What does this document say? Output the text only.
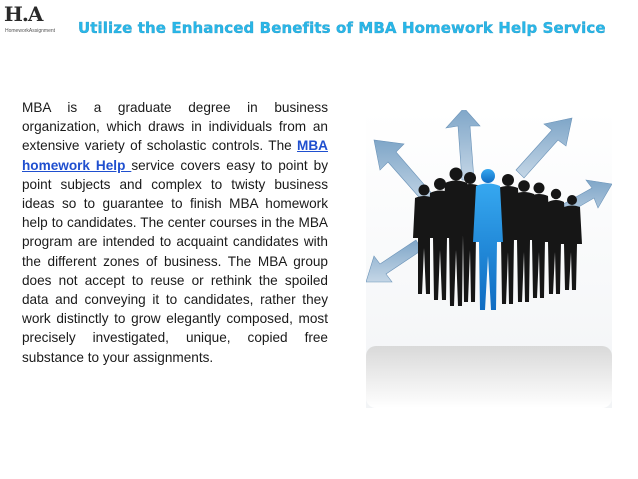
H.A
HomeworkAssignment Utilize the Enhanced Benefits of MBA Homework Help Service
MBA is a graduate degree in business organization, which draws in individuals from an extensive variety of scholastic controls. The MBA homework Help service covers easy to point by point subjects and complex to twisty business ideas so to guarantee to finish MBA homework help to candidates. The center courses in the MBA program are intended to acquaint candidates with the different zones of business. The MBA group does not accept to reuse or rethink the spoiled data and conveying it to candidates, rather they work distinctly to grow elegantly composed, most precisely investigated, unique, copied free substance to your assignments.
